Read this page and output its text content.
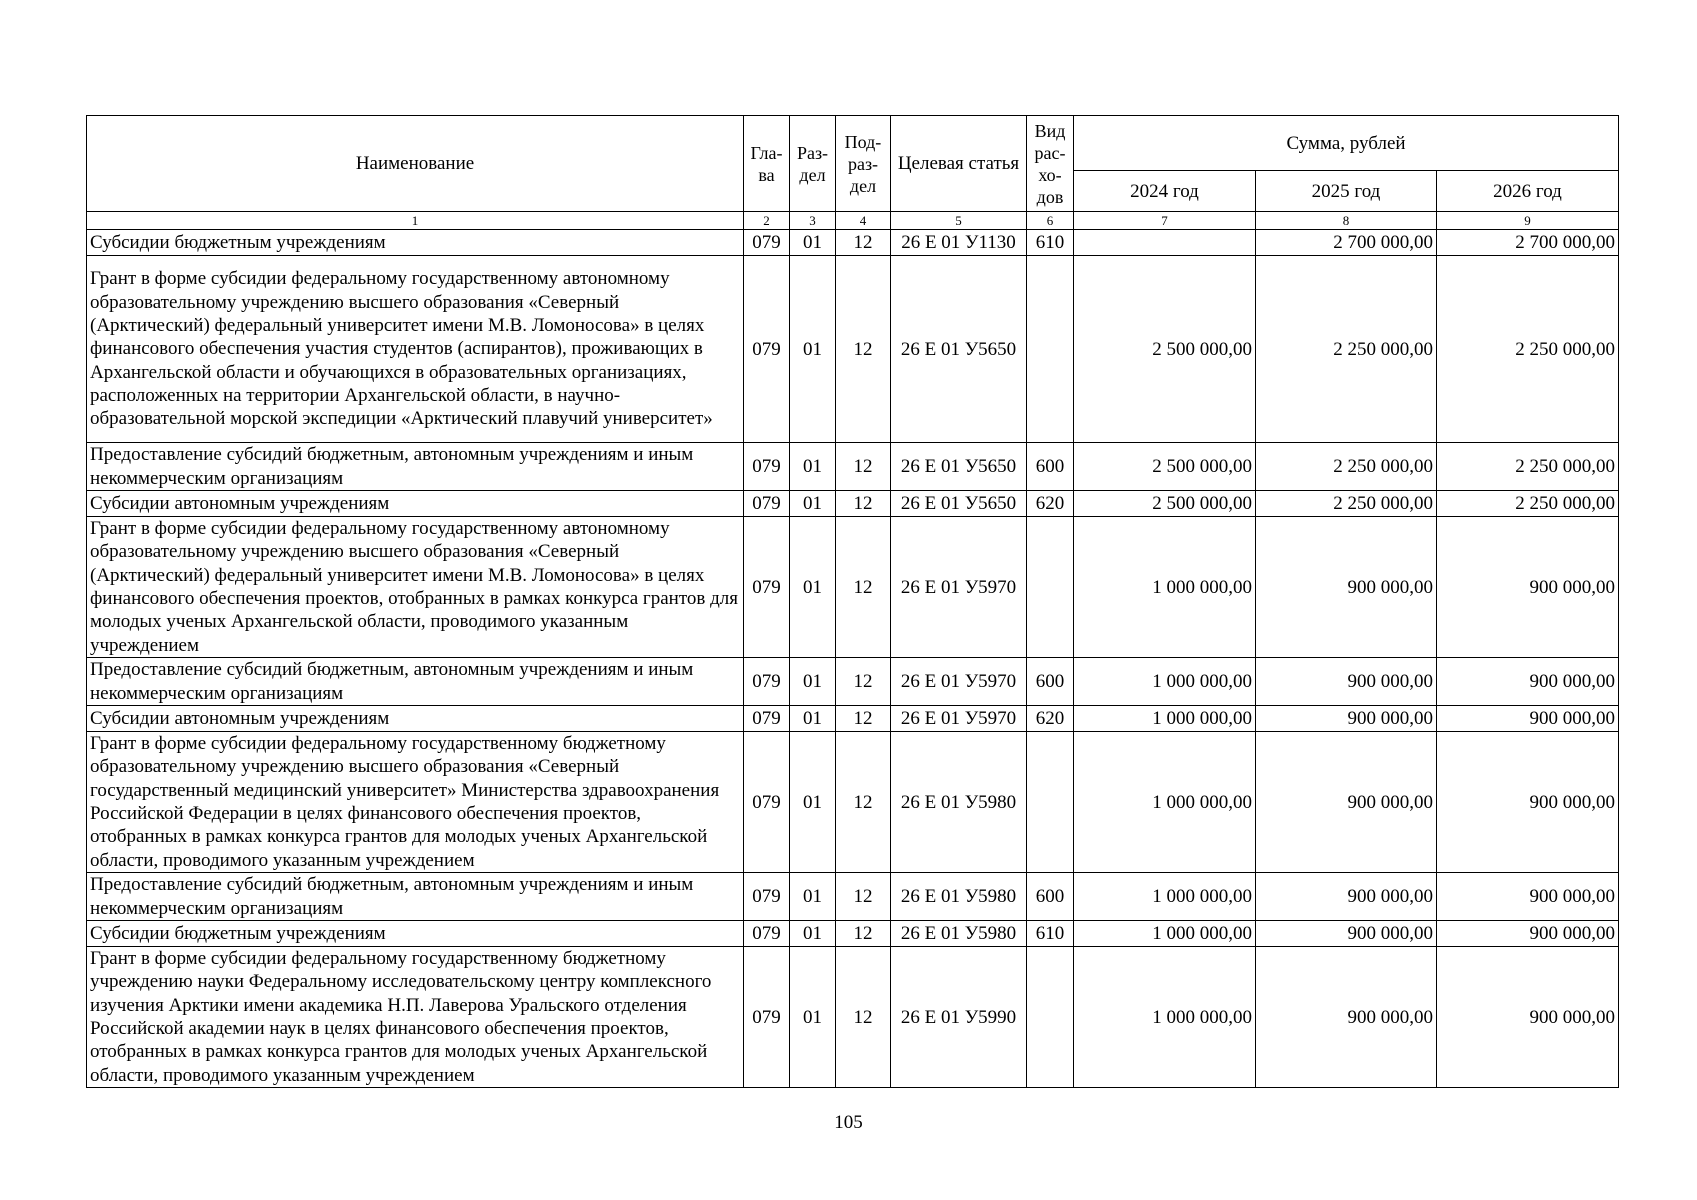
Наименование	Гла-ва	Раз-дел	Под-раз-дел	Целевая статья	Вид рас-хо-дов	Сумма, рублей		
						2024 год	2025 год	2026 год
1	2	3	4	5	6	7	8	9
Субсидии бюджетным учреждениям	079	01	12	26 Е 01 У1130	610		2 700 000,00	2 700 000,00
Грант в форме субсидии федеральному государственному автономному образовательному учреждению высшего образования «Северный (Арктический) федеральный университет имени М.В. Ломоносова» в целях финансового обеспечения участия студентов (аспирантов), проживающих в Архангельской области и обучающихся в образовательных организациях, расположенных на территории Архангельской области, в научно-образовательной морской экспедиции «Арктический плавучий университет»	079	01	12	26 Е 01 У5650		2 500 000,00	2 250 000,00	2 250 000,00
Предоставление субсидий бюджетным, автономным учреждениям и иным некоммерческим организациям	079	01	12	26 Е 01 У5650	600	2 500 000,00	2 250 000,00	2 250 000,00
Субсидии автономным учреждениям	079	01	12	26 Е 01 У5650	620	2 500 000,00	2 250 000,00	2 250 000,00
Грант в форме субсидии федеральному государственному автономному образовательному учреждению высшего образования «Северный (Арктический) федеральный университет имени М.В. Ломоносова» в целях финансового обеспечения проектов, отобранных в рамках конкурса грантов для молодых ученых Архангельской области, проводимого указанным учреждением	079	01	12	26 Е 01 У5970		1 000 000,00	900 000,00	900 000,00
Предоставление субсидий бюджетным, автономным учреждениям и иным некоммерческим организациям	079	01	12	26 Е 01 У5970	600	1 000 000,00	900 000,00	900 000,00
Субсидии автономным учреждениям	079	01	12	26 Е 01 У5970	620	1 000 000,00	900 000,00	900 000,00
Грант в форме субсидии федеральному государственному бюджетному образовательному учреждению высшего образования «Северный государственный медицинский университет» Министерства здравоохранения Российской Федерации в целях финансового обеспечения проектов, отобранных в рамках конкурса грантов для молодых ученых Архангельской области, проводимого указанным учреждением	079	01	12	26 Е 01 У5980		1 000 000,00	900 000,00	900 000,00
Предоставление субсидий бюджетным, автономным учреждениям и иным некоммерческим организациям	079	01	12	26 Е 01 У5980	600	1 000 000,00	900 000,00	900 000,00
Субсидии бюджетным учреждениям	079	01	12	26 Е 01 У5980	610	1 000 000,00	900 000,00	900 000,00
Грант в форме субсидии федеральному государственному бюджетному учреждению науки Федеральному исследовательскому центру комплексного изучения Арктики имени академика Н.П. Лаверова Уральского отделения Российской академии наук в целях финансового обеспечения проектов, отобранных в рамках конкурса грантов для молодых ученых Архангельской области, проводимого указанным учреждением	079	01	12	26 Е 01 У5990		1 000 000,00	900 000,00	900 000,00
105
